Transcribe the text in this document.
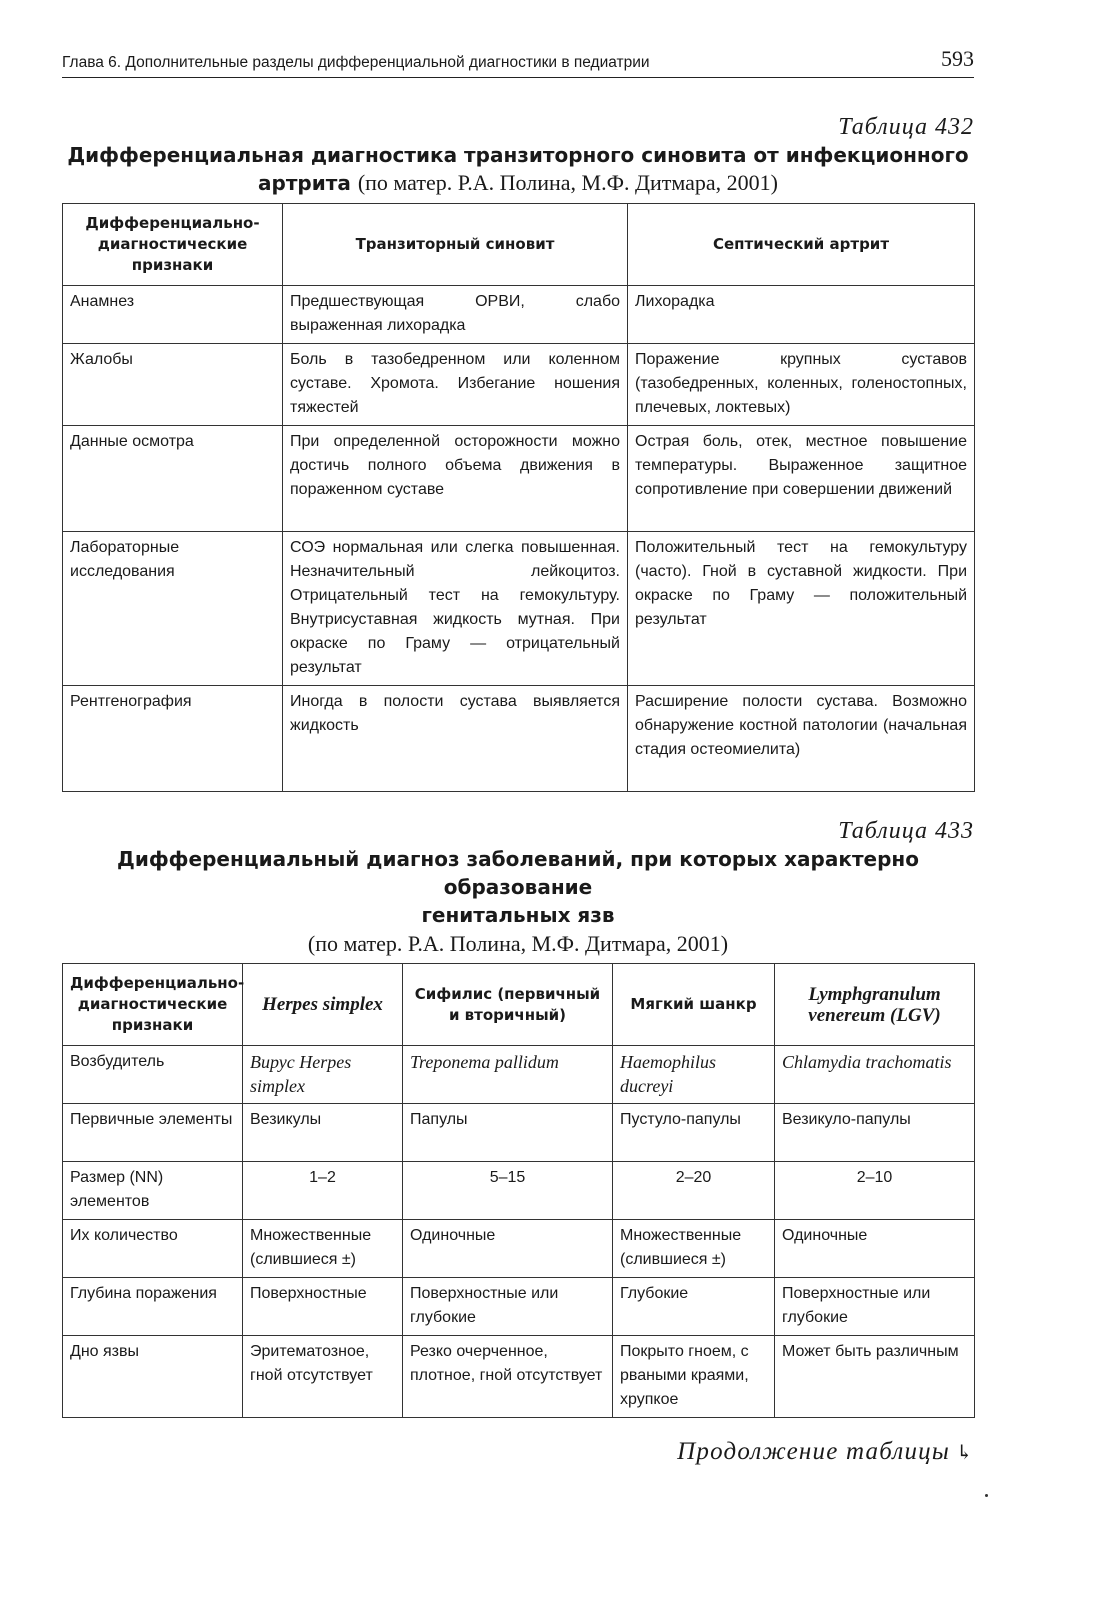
Глава 6. Дополнительные разделы дифференциальной диагностики в педиатрии	593
Таблица 432
Дифференциальная диагностика транзиторного синовита от инфекционного
артрита (по матер. Р.А. Полина, М.Ф. Дитмара, 2001)
Дифференциально-диагностические признаки	Транзиторный синовит	Септический артрит
Анамнез	Предшествующая ОРВИ, слабо выраженная лихорадка	Лихорадка
Жалобы	Боль в тазобедренном или коленном суставе. Хромота. Избегание ношения тяжестей	Поражение крупных суставов (тазобедренных, коленных, голеностопных, плечевых, локтевых)
Данные осмотра	При определенной осторожности можно достичь полного объема движения в пораженном суставе	Острая боль, отек, местное повышение температуры. Выраженное защитное сопротивление при совершении движений
Лабораторные исследования	СОЭ нормальная или слегка повышенная. Незначительный лейкоцитоз. Отрицательный тест на гемокультуру. Внутрисуставная жидкость мутная. При окраске по Граму — отрицательный результат	Положительный тест на гемокультуру (часто). Гной в суставной жидкости. При окраске по Граму — положительный результат
Рентгенография	Иногда в полости сустава выявляется жидкость	Расширение полости сустава. Возможно обнаружение костной патологии (начальная стадия остеомиелита)
Таблица 433
Дифференциальный диагноз заболеваний, при которых характерно образование
генитальных язв
(по матер. Р.А. Полина, М.Ф. Дитмара, 2001)
Дифференциально-диагностические признаки	Herpes simplex	Сифилис (первичный и вторичный)	Мягкий шанкр	Lymphgranulum venereum (LGV)
Возбудитель	Вирус Herpes simplex	Treponema pallidum	Haemophilus ducreyi	Chlamydia trachomatis
Первичные элементы	Везикулы	Папулы	Пустуло-папулы	Везикуло-папулы
Размер (NN) элементов	1–2	5–15	2–20	2–10
Их количество	Множественные (слившиеся ±)	Одиночные	Множественные (слившиеся ±)	Одиночные
Глубина поражения	Поверхностные	Поверхностные или глубокие	Глубокие	Поверхностные или глубокие
Дно язвы	Эритематозное, гной отсутствует	Резко очерченное, плотное, гной отсутствует	Покрыто гноем, с рваными краями, хрупкое	Может быть различным
Продолжение таблицы ↳
